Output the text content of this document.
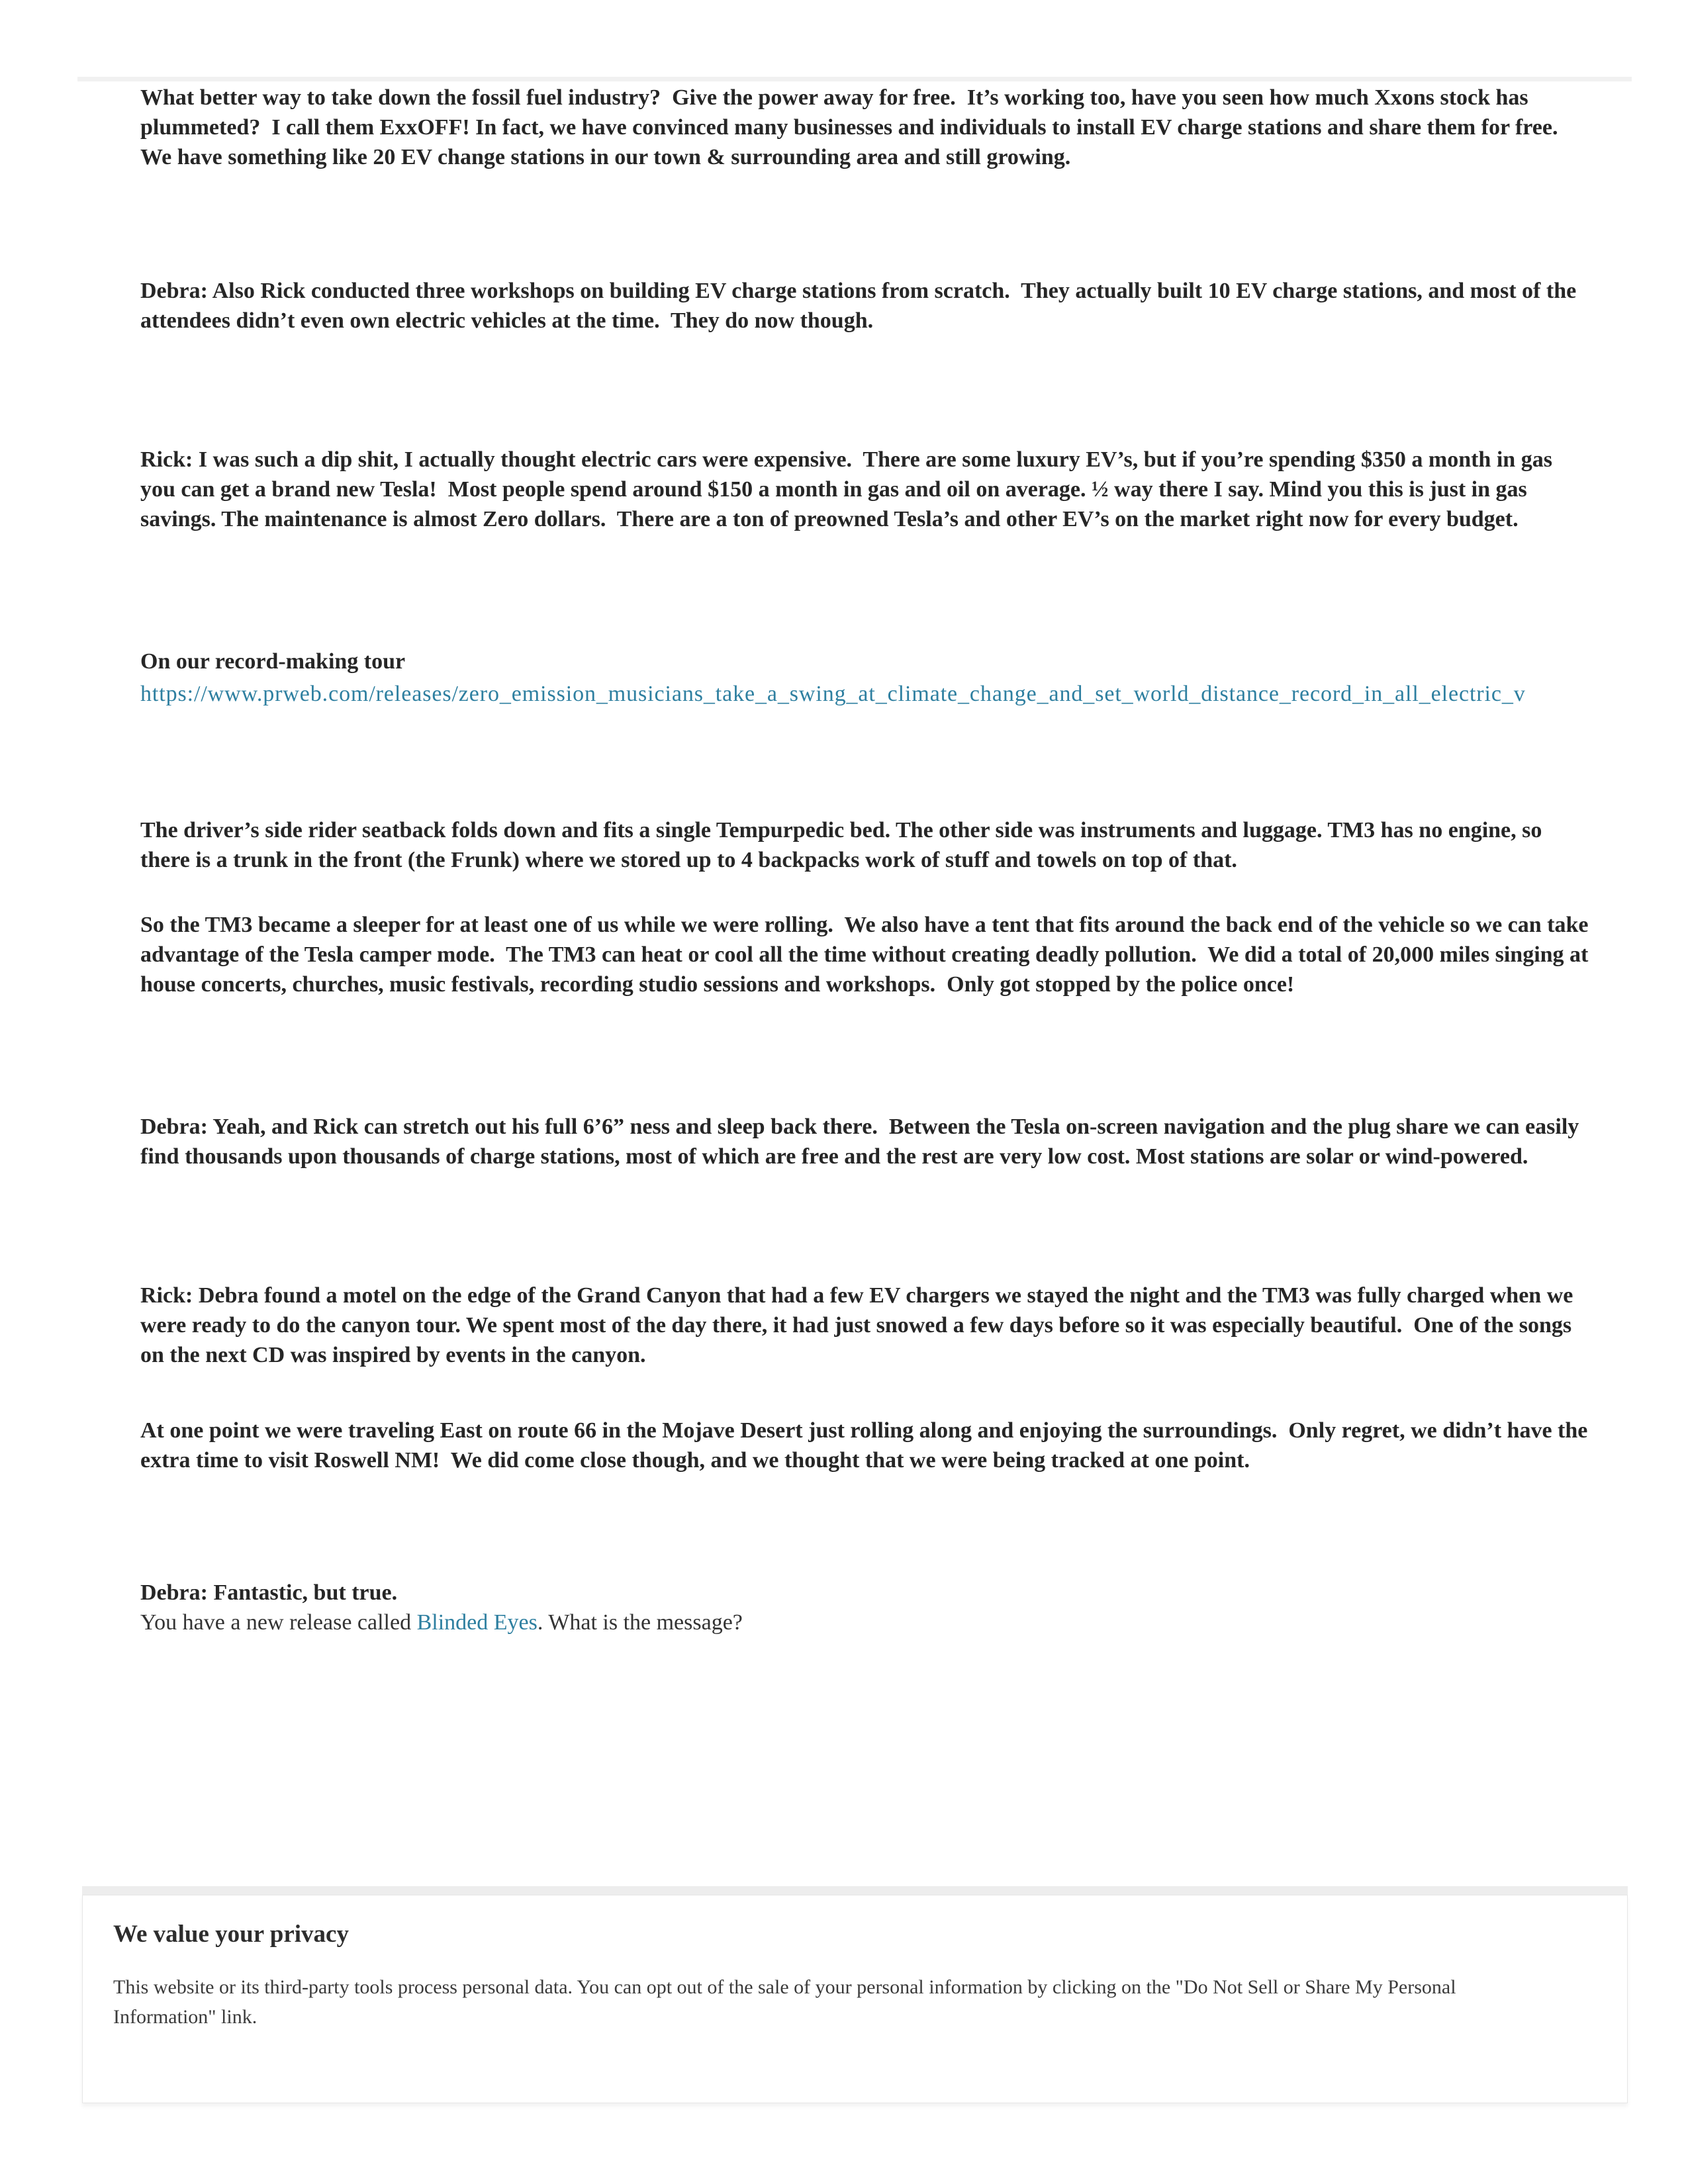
What better way to take down the fossil fuel industry?  Give the power away for free.  It’s working too, have you seen how much Xxons stock has plummeted?  I call them ExxOFF! In fact, we have convinced many businesses and individuals to install EV charge stations and share them for free.  We have something like 20 EV change stations in our town & surrounding area and still growing.

Debra: Also Rick conducted three workshops on building EV charge stations from scratch.  They actually built 10 EV charge stations, and most of the attendees didn’t even own electric vehicles at the time.  They do now though.

Rick: I was such a dip shit, I actually thought electric cars were expensive.  There are some luxury EV’s, but if you’re spending $350 a month in gas you can get a brand new Tesla!  Most people spend around $150 a month in gas and oil on average. ½ way there I say. Mind you this is just in gas savings. The maintenance is almost Zero dollars.  There are a ton of preowned Tesla’s and other EV’s on the market right now for every budget.

On our record-making tour

https://www.prweb.com/releases/zero_emission_musicians_take_a_swing_at_climate_change_and_set_world_distance_record_in_all_electric_v

The driver’s side rider seatback folds down and fits a single Tempurpedic bed. The other side was instruments and luggage. TM3 has no engine, so there is a trunk in the front (the Frunk) where we stored up to 4 backpacks work of stuff and towels on top of that.

So the TM3 became a sleeper for at least one of us while we were rolling.  We also have a tent that fits around the back end of the vehicle so we can take advantage of the Tesla camper mode.  The TM3 can heat or cool all the time without creating deadly pollution.  We did a total of 20,000 miles singing at house concerts, churches, music festivals, recording studio sessions and workshops.  Only got stopped by the police once!

Debra: Yeah, and Rick can stretch out his full 6’6” ness and sleep back there.  Between the Tesla on-screen navigation and the plug share we can easily find thousands upon thousands of charge stations, most of which are free and the rest are very low cost. Most stations are solar or wind-powered.

Rick: Debra found a motel on the edge of the Grand Canyon that had a few EV chargers we stayed the night and the TM3 was fully charged when we were ready to do the canyon tour. We spent most of the day there, it had just snowed a few days before so it was especially beautiful.  One of the songs on the next CD was inspired by events in the canyon.

At one point we were traveling East on route 66 in the Mojave Desert just rolling along and enjoying the surroundings.  Only regret, we didn’t have the extra time to visit Roswell NM!  We did come close though, and we thought that we were being tracked at one point.

Debra: Fantastic, but true.

You have a new release called Blinded Eyes. What is the message?

We value your privacy

This website or its third-party tools process personal data. You can opt out of the sale of your personal information by clicking on the "Do Not Sell or Share My Personal Information" link.
